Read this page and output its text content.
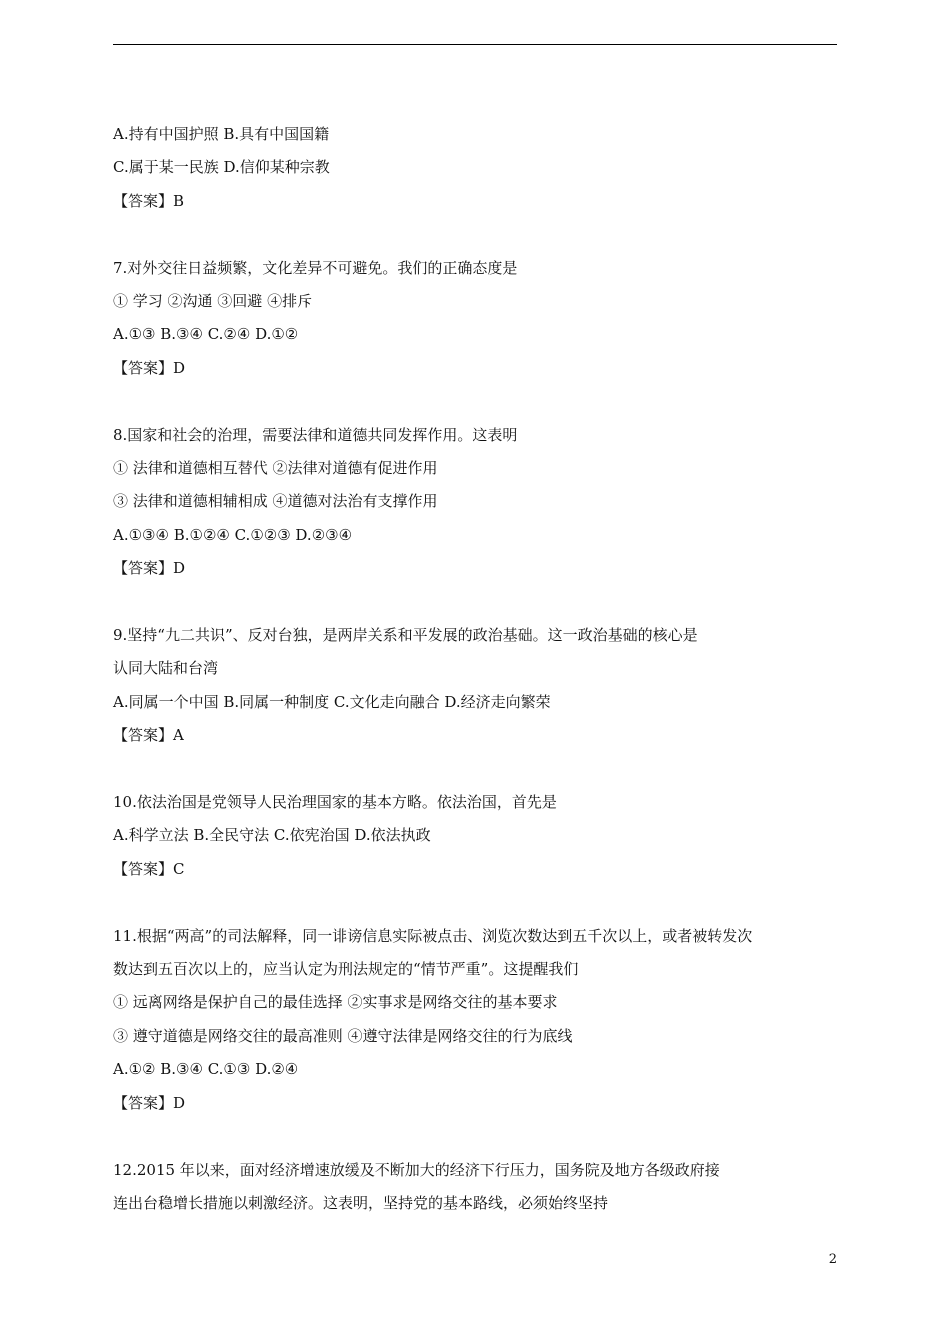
A.持有中国护照 B.具有中国国籍

C.属于某一民族 D.信仰某种宗教

【答案】B

7.对外交往日益频繁，文化差异不可避免。我们的正确态度是

① 学习 ②沟通 ③回避 ④排斥

A.①③ B.③④ C.②④ D.①②

【答案】D

8.国家和社会的治理，需要法律和道德共同发挥作用。这表明

① 法律和道德相互替代 ②法律对道德有促进作用

③ 法律和道德相辅相成 ④道德对法治有支撑作用

A.①③④ B.①②④ C.①②③ D.②③④

【答案】D

9.坚持“九二共识”、反对台独，是两岸关系和平发展的政治基础。这一政治基础的核心是

认同大陆和台湾

A.同属一个中国 B.同属一种制度 C.文化走向融合 D.经济走向繁荣

【答案】A

10.依法治国是党领导人民治理国家的基本方略。依法治国，首先是

A.科学立法 B.全民守法 C.依宪治国 D.依法执政

【答案】C

11.根据“两高”的司法解释，同一诽谤信息实际被点击、浏览次数达到五千次以上，或者被转发次

数达到五百次以上的，应当认定为刑法规定的“情节严重”。这提醒我们

① 远离网络是保护自己的最佳选择 ②实事求是网络交往的基本要求

③ 遵守道德是网络交往的最高准则 ④遵守法律是网络交往的行为底线

A.①② B.③④ C.①③ D.②④

【答案】D

12.2015 年以来，面对经济增速放缓及不断加大的经济下行压力，国务院及地方各级政府接

连出台稳增长措施以刺激经济。这表明，坚持党的基本路线，必须始终坚持

2
